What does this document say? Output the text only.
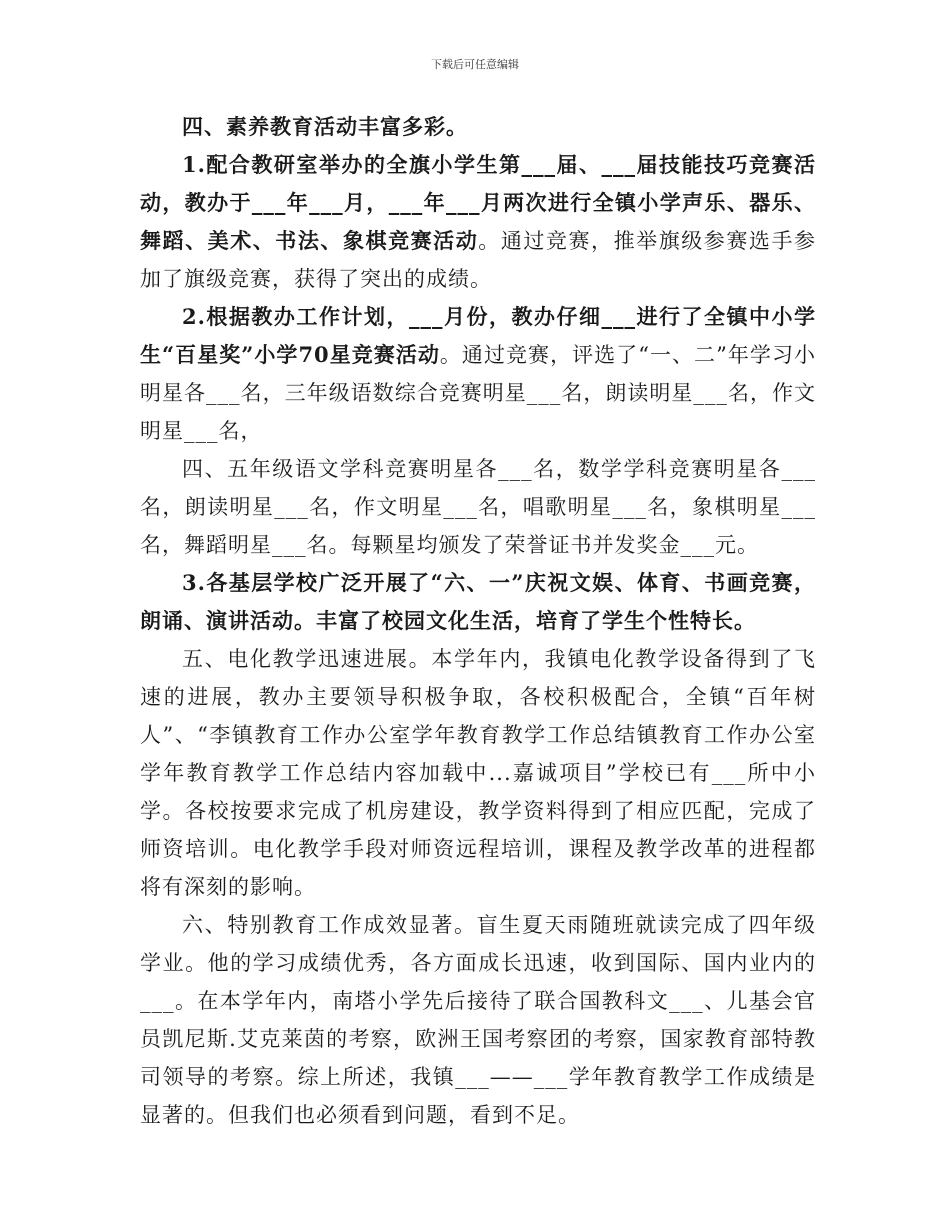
下载后可任意编辑

四、素养教育活动丰富多彩。

1.配合教研室举办的全旗小学生第___届、___届技能技巧竞赛活动，教办于___年___月，___年___月两次进行全镇小学声乐、器乐、舞蹈、美术、书法、象棋竞赛活动。通过竞赛，推举旗级参赛选手参加了旗级竞赛，获得了突出的成绩。

2.根据教办工作计划，___月份，教办仔细___进行了全镇中小学生“百星奖”小学70星竞赛活动。通过竞赛，评选了“一、二”年学习小明星各___名，三年级语数综合竞赛明星___名，朗读明星___名，作文明星___名，

四、五年级语文学科竞赛明星各___名，数学学科竞赛明星各___名，朗读明星___名，作文明星___名，唱歌明星___名，象棋明星___名，舞蹈明星___名。每颗星均颁发了荣誉证书并发奖金___元。

3.各基层学校广泛开展了“六、一”庆祝文娱、体育、书画竞赛，朗诵、演讲活动。丰富了校园文化生活，培育了学生个性特长。

五、电化教学迅速进展。本学年内，我镇电化教学设备得到了飞速的进展，教办主要领导积极争取，各校积极配合，全镇“百年树人”、“李镇教育工作办公室学年教育教学工作总结镇教育工作办公室学年教育教学工作总结内容加载中...嘉诚项目”学校已有___所中小学。各校按要求完成了机房建设，教学资料得到了相应匹配，完成了师资培训。电化教学手段对师资远程培训，课程及教学改革的进程都将有深刻的影响。

六、特别教育工作成效显著。盲生夏天雨随班就读完成了四年级学业。他的学习成绩优秀，各方面成长迅速，收到国际、国内业内的___。在本学年内，南塔小学先后接待了联合国教科文___、儿基会官员凯尼斯.艾克莱茵的考察，欧洲王国考察团的考察，国家教育部特教司领导的考察。综上所述，我镇___——___学年教育教学工作成绩是显著的。但我们也必须看到问题，看到不足。
